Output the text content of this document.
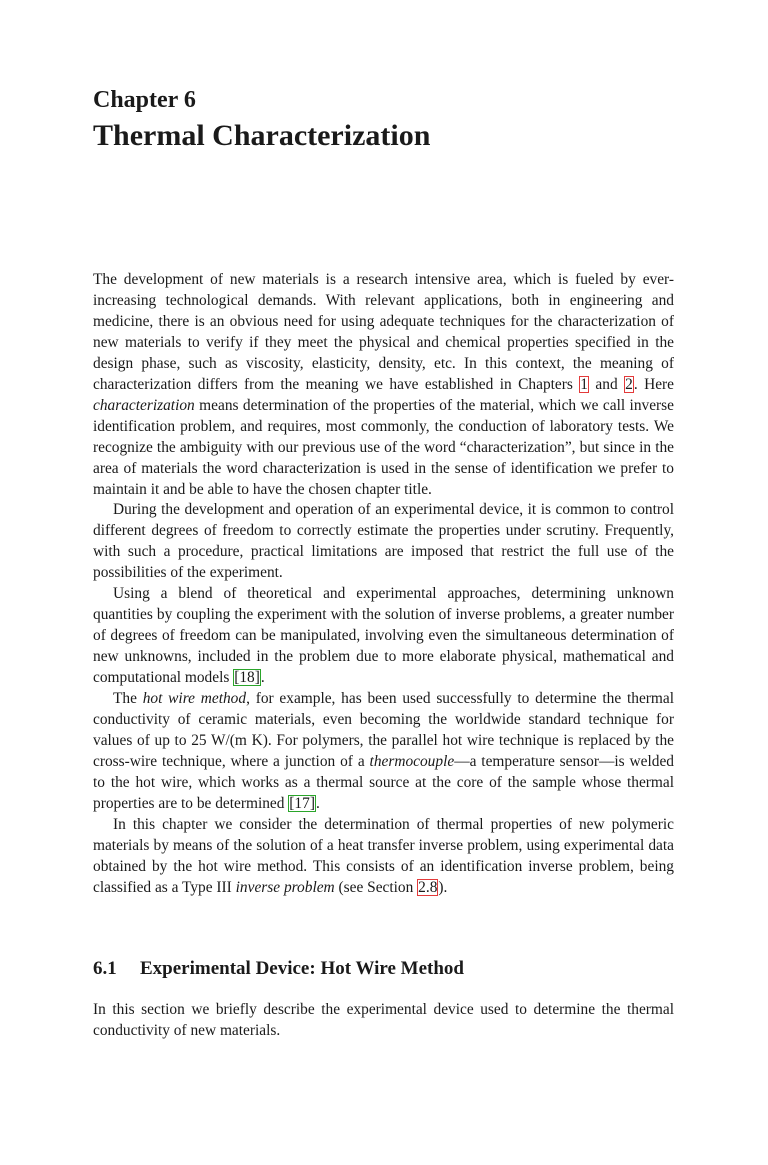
Chapter 6
Thermal Characterization

The development of new materials is a research intensive area, which is fueled by ever-increasing technological demands. With relevant applications, both in engineering and medicine, there is an obvious need for using adequate techniques for the characterization of new materials to verify if they meet the physical and chemical properties specified in the design phase, such as viscosity, elasticity, density, etc. In this context, the meaning of characterization differs from the meaning we have established in Chapters 1 and 2. Here characterization means determination of the properties of the material, which we call inverse identification problem, and requires, most commonly, the conduction of laboratory tests. We recognize the ambiguity with our previous use of the word “characterization”, but since in the area of materials the word characterization is used in the sense of identification we prefer to maintain it and be able to have the chosen chapter title.

During the development and operation of an experimental device, it is common to control different degrees of freedom to correctly estimate the properties under scrutiny. Frequently, with such a procedure, practical limitations are imposed that restrict the full use of the possibilities of the experiment.

Using a blend of theoretical and experimental approaches, determining unknown quantities by coupling the experiment with the solution of inverse problems, a greater number of degrees of freedom can be manipulated, involving even the simultaneous determination of new unknowns, included in the problem due to more elaborate physical, mathematical and computational models [18].

The hot wire method, for example, has been used successfully to determine the thermal conductivity of ceramic materials, even becoming the worldwide standard technique for values of up to 25 W/(m K). For polymers, the parallel hot wire technique is replaced by the cross-wire technique, where a junction of a thermocouple—a temperature sensor—is welded to the hot wire, which works as a thermal source at the core of the sample whose thermal properties are to be determined [17].

In this chapter we consider the determination of thermal properties of new polymeric materials by means of the solution of a heat transfer inverse problem, using experimental data obtained by the hot wire method. This consists of an identification inverse problem, being classified as a Type III inverse problem (see Section 2.8).

6.1 Experimental Device: Hot Wire Method

In this section we briefly describe the experimental device used to determine the thermal conductivity of new materials.
